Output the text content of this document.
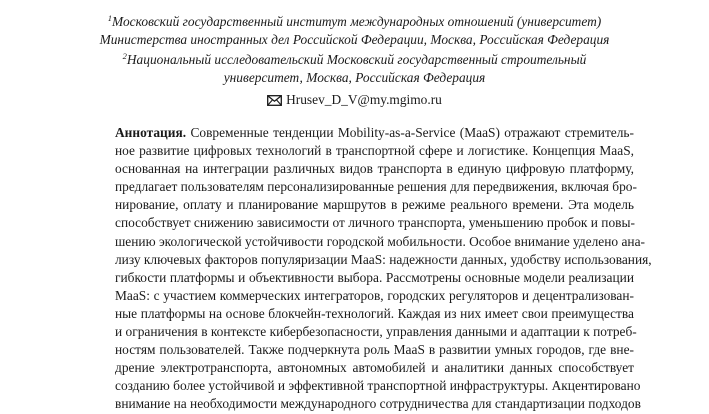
$^1$Московский государственный институт международных отношений (университет)
Министерства иностранных дел Российской Федерации, Москва, Российская Федерация
$^2$Национальный исследовательский Московский государственный строительный
университет, Москва, Российская Федерация
Hrusev_D_V@my.mgimo.ru
Аннотация. Современные тенденции Mobility-as-a-Service (MaaS) отражают стремитель-
ное развитие цифровых технологий в транспортной сфере и логистике. Концепция MaaS,
основанная на интеграции различных видов транспорта в единую цифровую платформу,
предлагает пользователям персонализированные решения для передвижения, включая бро-
нирование, оплату и планирование маршрутов в режиме реального времени. Эта модель
способствует снижению зависимости от личного транспорта, уменьшению пробок и повы-
шению экологической устойчивости городской мобильности. Особое внимание уделено ана-
лизу ключевых факторов популяризации MaaS: надежности данных, удобству использования,
гибкости платформы и объективности выбора. Рассмотрены основные модели реализации
MaaS: с участием коммерческих интеграторов, городских регуляторов и децентрализован-
ные платформы на основе блокчейн-технологий. Каждая из них имеет свои преимущества
и ограничения в контексте кибербезопасности, управления данными и адаптации к потреб-
ностям пользователей. Также подчеркнута роль MaaS в развитии умных городов, где вне-
дрение электротранспорта, автономных автомобилей и аналитики данных способствует
созданию более устойчивой и эффективной транспортной инфраструктуры. Акцентировано
внимание на необходимости международного сотрудничества для стандартизации подходов
